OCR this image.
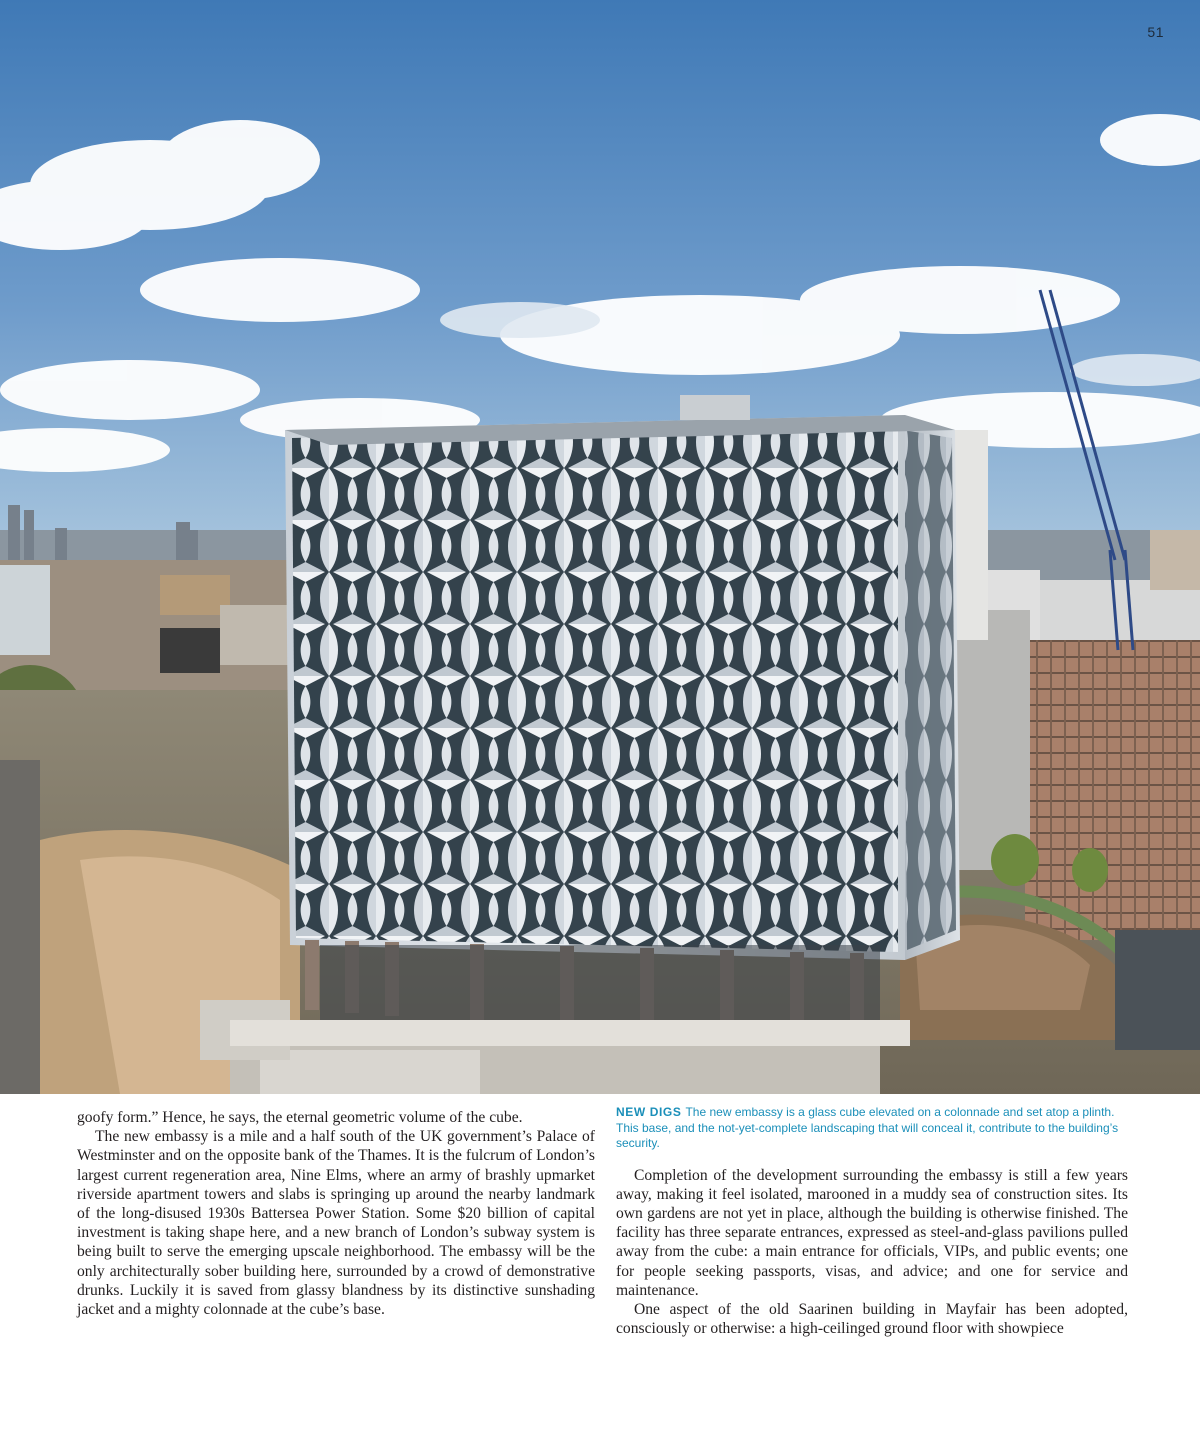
51

goofy form.” Hence, he says, the eternal geometric volume of the cube.

The new embassy is a mile and a half south of the UK government’s Palace of Westminster and on the opposite bank of the Thames. It is the fulcrum of London’s largest current regeneration area, Nine Elms, where an army of brashly upmarket riverside apartment towers and slabs is springing up around the nearby landmark of the long-disused 1930s Battersea Power Station. Some $20 billion of capital investment is taking shape here, and a new branch of London’s subway system is being built to serve the emerging upscale neighborhood. The embassy will be the only architecturally sober building here, surrounded by a crowd of demonstrative drunks. Luckily it is saved from glassy blandness by its distinctive sunshading jacket and a mighty colonnade at the cube’s base.

NEW DIGS The new embassy is a glass cube elevated on a colonnade and set atop a plinth. This base, and the not-yet-complete landscaping that will conceal it, contribute to the building’s security.

Completion of the development surrounding the embassy is still a few years away, making it feel isolated, marooned in a muddy sea of construction sites. Its own gardens are not yet in place, although the building is otherwise finished. The facility has three separate entrances, expressed as steel-and-glass pavilions pulled away from the cube: a main entrance for officials, VIPs, and public events; one for people seeking passports, visas, and advice; and one for service and maintenance.

One aspect of the old Saarinen building in Mayfair has been adopted, consciously or otherwise: a high-ceilinged ground floor with showpiece
